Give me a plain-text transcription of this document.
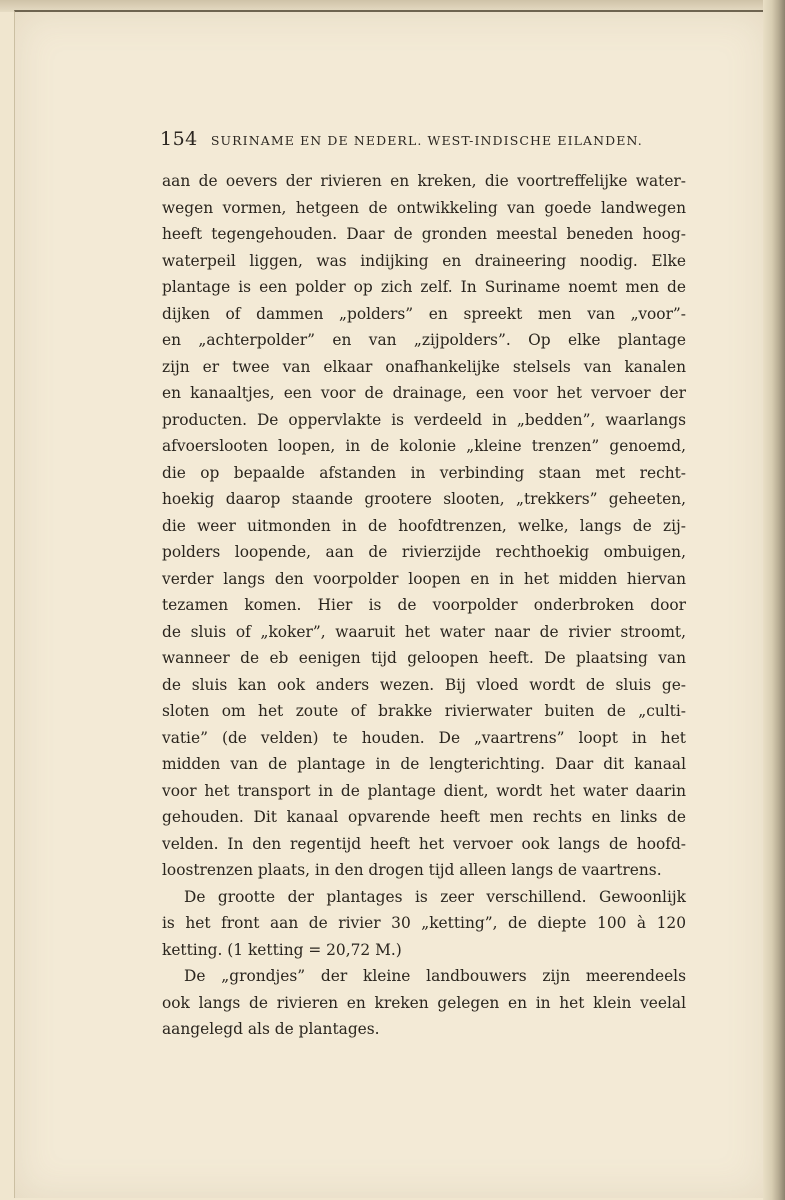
154 SURINAME EN DE NEDERL. WEST-INDISCHE EILANDEN.
aan de oevers der rivieren en kreken, die voortreffelijke water-
wegen vormen, hetgeen de ontwikkeling van goede landwegen
heeft tegengehouden. Daar de gronden meestal beneden hoog-
waterpeil liggen, was indijking en draineering noodig. Elke
plantage is een polder op zich zelf. In Suriname noemt men de
dijken of dammen „polders” en spreekt men van „voor”-
en „achterpolder” en van „zijpolders”. Op elke plantage
zijn er twee van elkaar onafhankelijke stelsels van kanalen
en kanaaltjes, een voor de drainage, een voor het vervoer der
producten. De oppervlakte is verdeeld in „bedden”, waarlangs
afvoerslooten loopen, in de kolonie „kleine trenzen” genoemd,
die op bepaalde afstanden in verbinding staan met recht-
hoekig daarop staande grootere slooten, „trekkers” geheeten,
die weer uitmonden in de hoofdtrenzen, welke, langs de zij-
polders loopende, aan de rivierzijde rechthoekig ombuigen,
verder langs den voorpolder loopen en in het midden hiervan
tezamen komen. Hier is de voorpolder onderbroken door
de sluis of „koker”, waaruit het water naar de rivier stroomt,
wanneer de eb eenigen tijd geloopen heeft. De plaatsing van
de sluis kan ook anders wezen. Bij vloed wordt de sluis ge-
sloten om het zoute of brakke rivierwater buiten de „culti-
vatie” (de velden) te houden. De „vaartrens” loopt in het
midden van de plantage in de lengterichting. Daar dit kanaal
voor het transport in de plantage dient, wordt het water daarin
gehouden. Dit kanaal opvarende heeft men rechts en links de
velden. In den regentijd heeft het vervoer ook langs de hoofd-
loostrenzen plaats, in den drogen tijd alleen langs de vaartrens.
De grootte der plantages is zeer verschillend. Gewoonlijk
is het front aan de rivier 30 „ketting”, de diepte 100 à 120
ketting. (1 ketting = 20,72 M.)
De „grondjes” der kleine landbouwers zijn meerendeels
ook langs de rivieren en kreken gelegen en in het klein veelal
aangelegd als de plantages.
